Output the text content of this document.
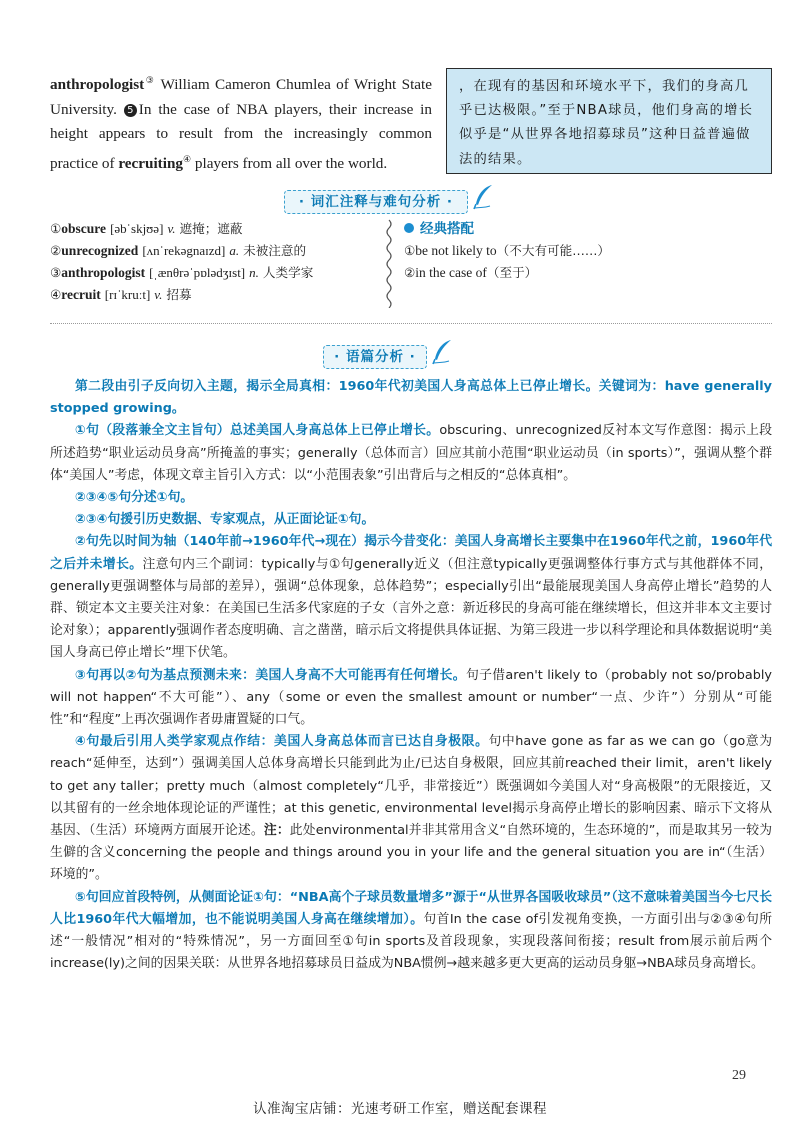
anthropologist③ William Cameron Chumlea of Wright State University. 5 In the case of NBA players, their increase in height appears to result from the increasingly common practice of recruiting④ players from all over the world.
，在现有的基因和环境水平下，我们的身高几乎已达极限。”至于NBA球员，他们身高的增长似乎是“从世界各地招募球员”这种日益普遍做法的结果。
· 词汇注释与难句分析 ·
①obscure [əbˈskjʊə] v. 遮掩；遮蔽
②unrecognized [ʌnˈrekəgnaɪzd] a. 未被注意的
③anthropologist [ˌænθrəˈpɒlədʒɪst] n. 人类学家
④recruit [rɪˈkruːt] v. 招募
经典搭配
①be not likely to（不大有可能……）
②in the case of（至于）
· 语篇分析 ·

第二段由引子反向切入主题，揭示全局真相：1960年代初美国人身高总体上已停止增长。关键词为：have generally stopped growing。

①句（段落兼全文主旨句）总述美国人身高总体上已停止增长。obscuring、unrecognized反衬本文写作意图：揭示上段所述趋势“职业运动员身高”所掩盖的事实；generally（总体而言）回应其前小范围“职业运动员（in sports）”，强调从整个群体“美国人”考虑，体现文章主旨引入方式：以“小范围表象”引出背后与之相反的“总体真相”。

②③④⑤句分述①句。

②③④句援引历史数据、专家观点，从正面论证①句。

②句先以时间为轴（140年前→1960年代→现在）揭示今昔变化：美国人身高增长主要集中在1960年代之前，1960年代之后并未增长。注意句内三个副词：typically与①句generally近义（但注意typically更强调整体行事方式与其他群体不同，generally更强调整体与局部的差异），强调“总体现象，总体趋势”；especially引出“最能展现美国人身高停止增长”趋势的人群、锁定本文主要关注对象：在美国已生活多代家庭的子女（言外之意：新近移民的身高可能在继续增长，但这并非本文主要讨论对象）；apparently强调作者态度明确、言之凿凿，暗示后文将提供具体证据、为第三段进一步以科学理论和具体数据说明“美国人身高已停止增长”埋下伏笔。

③句再以②句为基点预测未来：美国人身高不大可能再有任何增长。句子借aren't likely to（probably not so/probably will not happen“不大可能”）、any（some or even the smallest amount or number“一点、少许”）分别从“可能性”和“程度”上再次强调作者毋庸置疑的口气。

④句最后引用人类学家观点作结：美国人身高总体而言已达自身极限。句中have gone as far as we can go（go意为reach“延伸至，达到”）强调美国人总体身高增长只能到此为止/已达自身极限，回应其前reached their limit，aren't likely to get any taller；pretty much（almost completely“几乎，非常接近”）既强调如今美国人对“身高极限”的无限接近，又以其留有的一丝余地体现论证的严谨性；at this genetic, environmental level揭示身高停止增长的影响因素、暗示下文将从基因、（生活）环境两方面展开论述。注：此处environmental并非其常用含义“自然环境的，生态环境的”，而是取其另一较为生僻的含义concerning the people and things around you in your life and the general situation you are in“（生活）环境的”。

⑤句回应首段特例，从侧面论证①句：“NBA高个子球员数量增多”源于“从世界各国吸收球员”（这不意味着美国当今七尺长人比1960年代大幅增加，也不能说明美国人身高在继续增加）。句首In the case of引发视角变换，一方面引出与②③④句所述“一般情况”相对的“特殊情况”，另一方面回至①句in sports及首段现象，实现段落间衔接；result from展示前后两个increase(ly)之间的因果关联：从世界各地招募球员日益成为NBA惯例→越来越多更大更高的运动员身躯→NBA球员身高增长。

29
认准淘宝店铺：光速考研工作室，赠送配套课程
